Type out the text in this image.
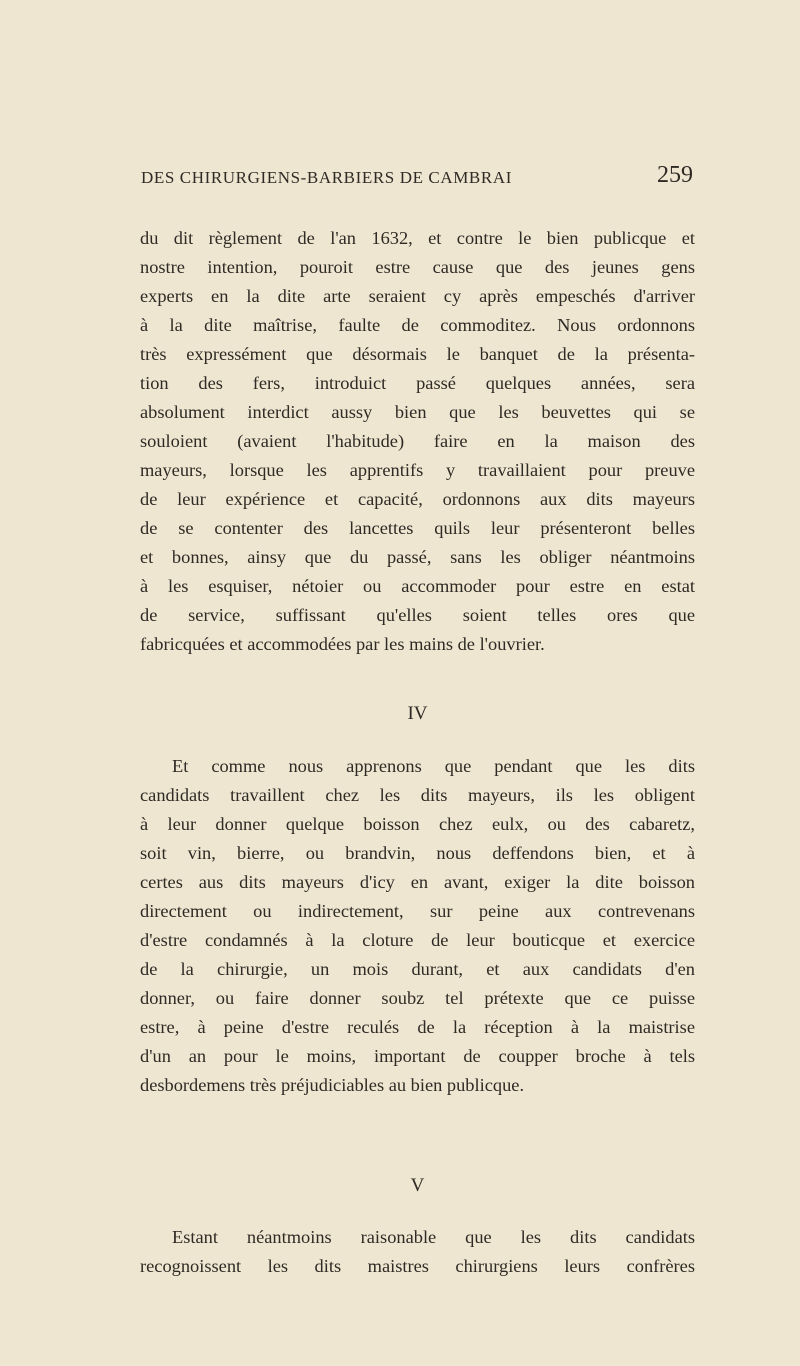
DES CHIRURGIENS-BARBIERS DE CAMBRAI	259
du dit règlement de l'an 1632, et contre le bien publicque et
nostre intention, pouroit estre cause que des jeunes gens
experts en la dite arte seraient cy après empeschés d'arriver
à la dite maîtrise, faulte de commoditez. Nous ordonnons
très expressément que désormais le banquet de la présenta-
tion des fers, introduict passé quelques années, sera
absolument interdict aussy bien que les beuvettes qui se
souloient (avaient l'habitude) faire en la maison des
mayeurs, lorsque les apprentifs y travaillaient pour preuve
de leur expérience et capacité, ordonnons aux dits mayeurs
de se contenter des lancettes quils leur présenteront belles
et bonnes, ainsy que du passé, sans les obliger néantmoins
à les esquiser, nétoier ou accommoder pour estre en estat
de service, suffissant qu'elles soient telles ores que
fabricquées et accommodées par les mains de l'ouvrier.
IV
Et comme nous apprenons que pendant que les dits
candidats travaillent chez les dits mayeurs, ils les obligent
à leur donner quelque boisson chez eulx, ou des cabaretz,
soit vin, bierre, ou brandvin, nous deffendons bien, et à
certes aus dits mayeurs d'icy en avant, exiger la dite boisson
directement ou indirectement, sur peine aux contrevenans
d'estre condamnés à la cloture de leur bouticque et exercice
de la chirurgie, un mois durant, et aux candidats d'en
donner, ou faire donner soubz tel prétexte que ce puisse
estre, à peine d'estre reculés de la réception à la maistrise
d'un an pour le moins, important de coupper broche à tels
desbordemens très préjudiciables au bien publicque.
V
Estant néantmoins raisonable que les dits candidats
recognoissent les dits maistres chirurgiens leurs confrères
